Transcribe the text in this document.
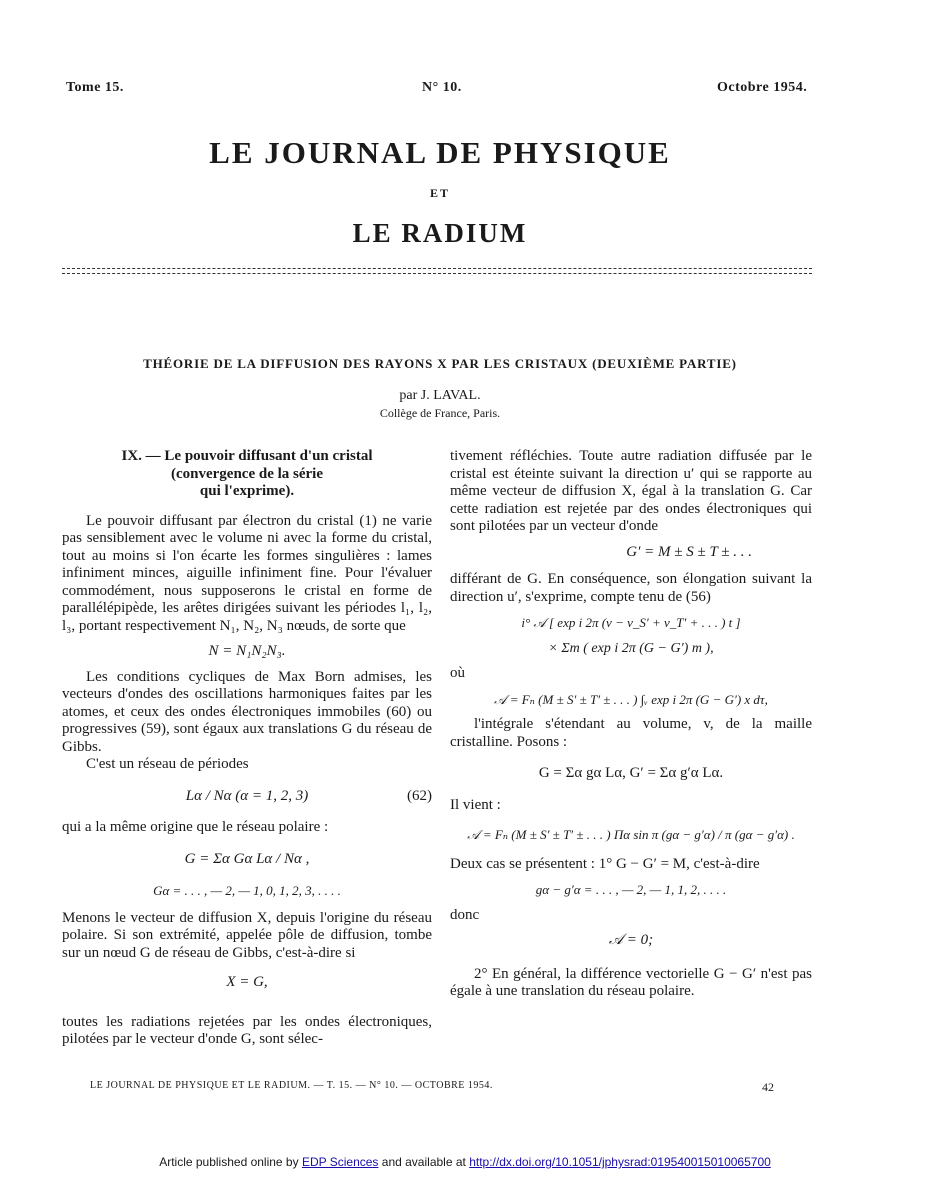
Tome 15.	N° 10.	Octobre 1954.
LE JOURNAL DE PHYSIQUE
ET
LE RADIUM
THÉORIE DE LA DIFFUSION DES RAYONS X PAR LES CRISTAUX (DEUXIÈME PARTIE)
par J. LAVAL.
Collège de France, Paris.
IX. — Le pouvoir diffusant d'un cristal
(convergence de la série
qui l'exprime).

Le pouvoir diffusant par électron du cristal (1) ne varie pas sensiblement avec le volume ni avec la forme du cristal, tout au moins si l'on écarte les formes singulières : lames infiniment minces, aiguille infiniment fine. Pour l'évaluer commodément, nous supposerons le cristal en forme de parallélépipède, les arêtes dirigées suivant les périodes l₁, l₂, l₃, portant respectivement N₁, N₂, N₃ nœuds, de sorte que

N = N₁N₂N₃.

Les conditions cycliques de Max Born admises, les vecteurs d'ondes des oscillations harmoniques faites par les atomes, et ceux des ondes électroniques immobiles (60) ou progressives (59), sont égaux aux translations G du réseau de Gibbs.

C'est un réseau de périodes

Lα / Nα (α = 1, 2, 3)	(62)

qui a la même origine que le réseau polaire :

G = Σα Gα Lα / Nα ,
Gα = . . . , — 2, — 1, 0, 1, 2, 3, . . . .

Menons le vecteur de diffusion X, depuis l'origine du réseau polaire. Si son extrémité, appelée pôle de diffusion, tombe sur un nœud G de réseau de Gibbs, c'est-à-dire si

X = G,

toutes les radiations rejetées par les ondes électroniques, pilotées par le vecteur d'onde G, sont sélec-

tivement réfléchies. Toute autre radiation diffusée par le cristal est éteinte suivant la direction u′ qui se rapporte au même vecteur de diffusion X, égal à la translation G. Car cette radiation est rejetée par des ondes électroniques qui sont pilotées par un vecteur d'onde

G′ = M ± S ± T ± . . .

différant de G. En conséquence, son élongation suivant la direction u′, s'exprime, compte tenu de (56)

i° 𝒜 [ exp i 2π (ν − ν_S′ + ν_T′ + . . . ) t ]
× Σm ( exp i 2π (G − G′) m ),

où

𝒜 = Fₙ (M ± S′ ± T′ ± . . . ) ∫ᵥ exp i 2π (G − G′) x dτ,

l'intégrale s'étendant au volume, v, de la maille cristalline. Posons :

G = Σα gα Lα, G′ = Σα g′α Lα.

Il vient :

𝒜 = Fₙ (M ± S′ ± T′ ± . . . ) Πα sin π (gα − g′α) / π (gα − g′α) .

Deux cas se présentent : 1° G − G′ = M, c'est-à-dire

gα − g′α = . . . , — 2, — 1, 1, 2, . . . .

donc

𝒜 = 0;

2° En général, la différence vectorielle G − G′ n'est pas égale à une translation du réseau polaire.

LE JOURNAL DE PHYSIQUE ET LE RADIUM. — T. 15. — N° 10. — OCTOBRE 1954.	42
Article published online by EDP Sciences and available at http://dx.doi.org/10.1051/jphysrad:019540015010065700
